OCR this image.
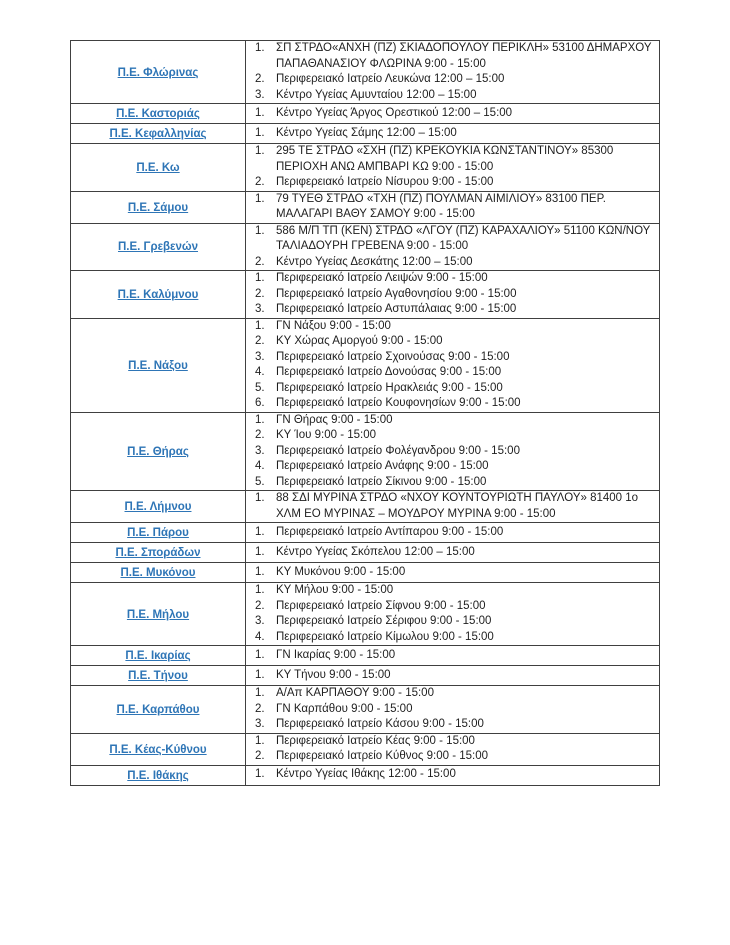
Π.Ε. Φλώρινας	
ΣΠ ΣΤΡΔΟ«ΑΝΧΗ (ΠΖ) ΣΚΙΑΔΟΠΟΥΛΟΥ ΠΕΡΙΚΛΗ» 53100 ΔΗΜΑΡΧΟΥ ΠΑΠΑΘΑΝΑΣΙΟΥ ΦΛΩΡΙΝΑ 9:00 - 15:00
Περιφερειακό Ιατρείο Λευκώνα 12:00 – 15:00
Κέντρο Υγείας Αμυνταίου 12:00 – 15:00

Π.Ε. Καστοριάς	Κέντρο Υγείας Άργος Ορεστικού 12:00 – 15:00

Π.Ε. Κεφαλληνίας	Κέντρο Υγείας Σάμης 12:00 – 15:00

Π.Ε. Κω	
295 ΤΕ ΣΤΡΔΟ «ΣΧΗ (ΠΖ) ΚΡΕΚΟΥΚΙΑ ΚΩΝΣΤΑΝΤΙΝΟΥ» 85300 ΠΕΡΙΟΧΗ ΑΝΩ ΑΜΠΒΑΡΙ ΚΩ 9:00 - 15:00
Περιφερειακό Ιατρείο Νίσυρου 9:00 - 15:00

Π.Ε. Σάμου	
79 ΤΥΕΘ ΣΤΡΔΟ «ΤΧΗ (ΠΖ) ΠΟΥΛΜΑΝ ΑΙΜΙΛΙΟΥ» 83100 ΠΕΡ. ΜΑΛΑΓΑΡΙ ΒΑΘΥ ΣΑΜΟΥ 9:00 - 15:00

Π.Ε. Γρεβενών	
586 Μ/Π ΤΠ (ΚΕΝ) ΣΤΡΔΟ «ΛΓΟΥ (ΠΖ) ΚΑΡΑΧΑΛΙΟΥ» 51100 ΚΩΝ/ΝΟΥ ΤΑΛΙΑΔΟΥΡΗ ΓΡΕΒΕΝΑ 9:00 - 15:00
Κέντρο Υγείας Δεσκάτης 12:00 – 15:00

Π.Ε. Καλύμνου	
Περιφερειακό Ιατρείο Λειψών 9:00 - 15:00
Περιφερειακό Ιατρείο Αγαθονησίου 9:00 - 15:00
Περιφερειακό Ιατρείο Αστυπάλαιας 9:00 - 15:00

Π.Ε. Νάξου	
ΓΝ Νάξου 9:00 - 15:00
ΚΥ Χώρας Αμοργού 9:00 - 15:00
Περιφερειακό Ιατρείο Σχοινούσας 9:00 - 15:00
Περιφερειακό Ιατρείο Δονούσας 9:00 - 15:00
Περιφερειακό Ιατρείο Ηρακλειάς 9:00 - 15:00
Περιφερειακό Ιατρείο Κουφονησίων 9:00 - 15:00

Π.Ε. Θήρας	
ΓΝ Θήρας 9:00 - 15:00
ΚΥ Ίου 9:00 - 15:00
Περιφερειακό Ιατρείο Φολέγανδρου 9:00 - 15:00
Περιφερειακό Ιατρείο Ανάφης 9:00 - 15:00
Περιφερειακό Ιατρείο Σίκινου 9:00 - 15:00

Π.Ε. Λήμνου	
88 ΣΔΙ ΜΥΡΙΝΑ ΣΤΡΔΟ «ΝΧΟΥ ΚΟΥΝΤΟΥΡΙΩΤΗ ΠΑΥΛΟΥ» 81400 1ο ΧΛΜ ΕΟ ΜΥΡΙΝΑΣ – ΜΟΥΔΡΟΥ ΜΥΡΙΝΑ 9:00 - 15:00

Π.Ε. Πάρου	Περιφερειακό Ιατρείο Αντίπαρου 9:00 - 15:00

Π.Ε. Σποράδων	Κέντρο Υγείας Σκόπελου 12:00 – 15:00

Π.Ε. Μυκόνου	ΚΥ Μυκόνου 9:00 - 15:00

Π.Ε. Μήλου	
ΚΥ Μήλου 9:00 - 15:00
Περιφερειακό Ιατρείο Σίφνου 9:00 - 15:00
Περιφερειακό Ιατρείο Σέριφου 9:00 - 15:00
Περιφερειακό Ιατρείο Κίμωλου 9:00 - 15:00

Π.Ε. Ικαρίας	ΓΝ Ικαρίας 9:00 - 15:00

Π.Ε. Τήνου	ΚΥ Τήνου 9:00 - 15:00

Π.Ε. Καρπάθου	
Α/Απ ΚΑΡΠΑΘΟΥ 9:00 - 15:00
ΓΝ Καρπάθου 9:00 - 15:00
Περιφερειακό Ιατρείο Κάσου 9:00 - 15:00

Π.Ε. Κέας-Κύθνου	
Περιφερειακό Ιατρείο Κέας 9:00 - 15:00
Περιφερειακό Ιατρείο Κύθνος 9:00 - 15:00

Π.Ε. Ιθάκης	Κέντρο Υγείας Ιθάκης 12:00 - 15:00
